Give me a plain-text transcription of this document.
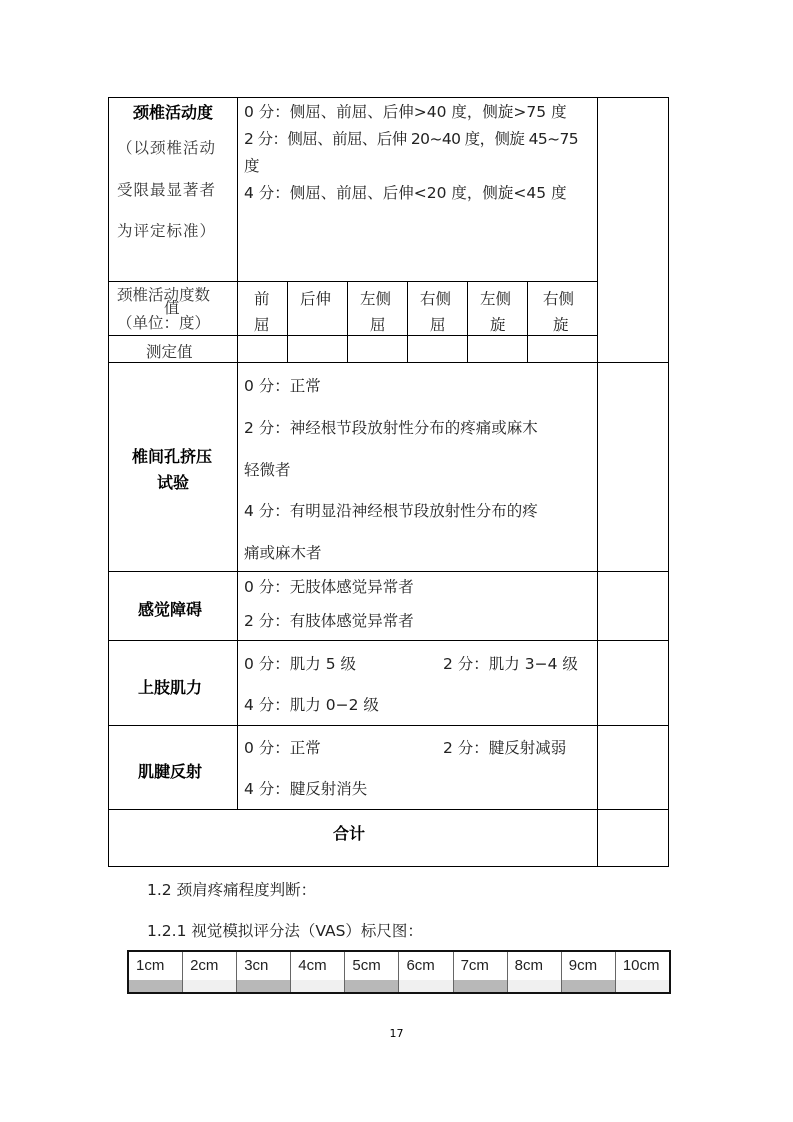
颈椎活动度
（以颈椎活动
受限最显著者
为评定标准）
0 分：侧屈、前屈、后伸>40 度，侧旋>75 度
2 分：侧屈、前屈、后伸 20~40 度，侧旋 45~75
度
4 分：侧屈、前屈、后伸<20 度，侧旋<45 度
颈椎活动度数
值
（单位：度）
前
屈
后伸 左侧
屈
右侧
屈
左侧
旋
右侧
旋
测定值
椎间孔挤压
试验
0 分：正常
2 分：神经根节段放射性分布的疼痛或麻木
轻微者
4 分：有明显沿神经根节段放射性分布的疼
痛或麻木者
感觉障碍
0 分：无肢体感觉异常者
2 分：有肢体感觉异常者
上肢肌力
0 分：肌力 5 级	2 分：肌力 3−4 级
4 分：肌力 0−2 级
肌腱反射
0 分：正常	2 分：腱反射减弱
4 分：腱反射消失
合计
1.2 颈肩疼痛程度判断：
1.2.1 视觉模拟评分法（VAS）标尺图：
1cm 2cm 3cn 4cm 5cm 6cm 7cm 8cm 9cm 10cm
17
